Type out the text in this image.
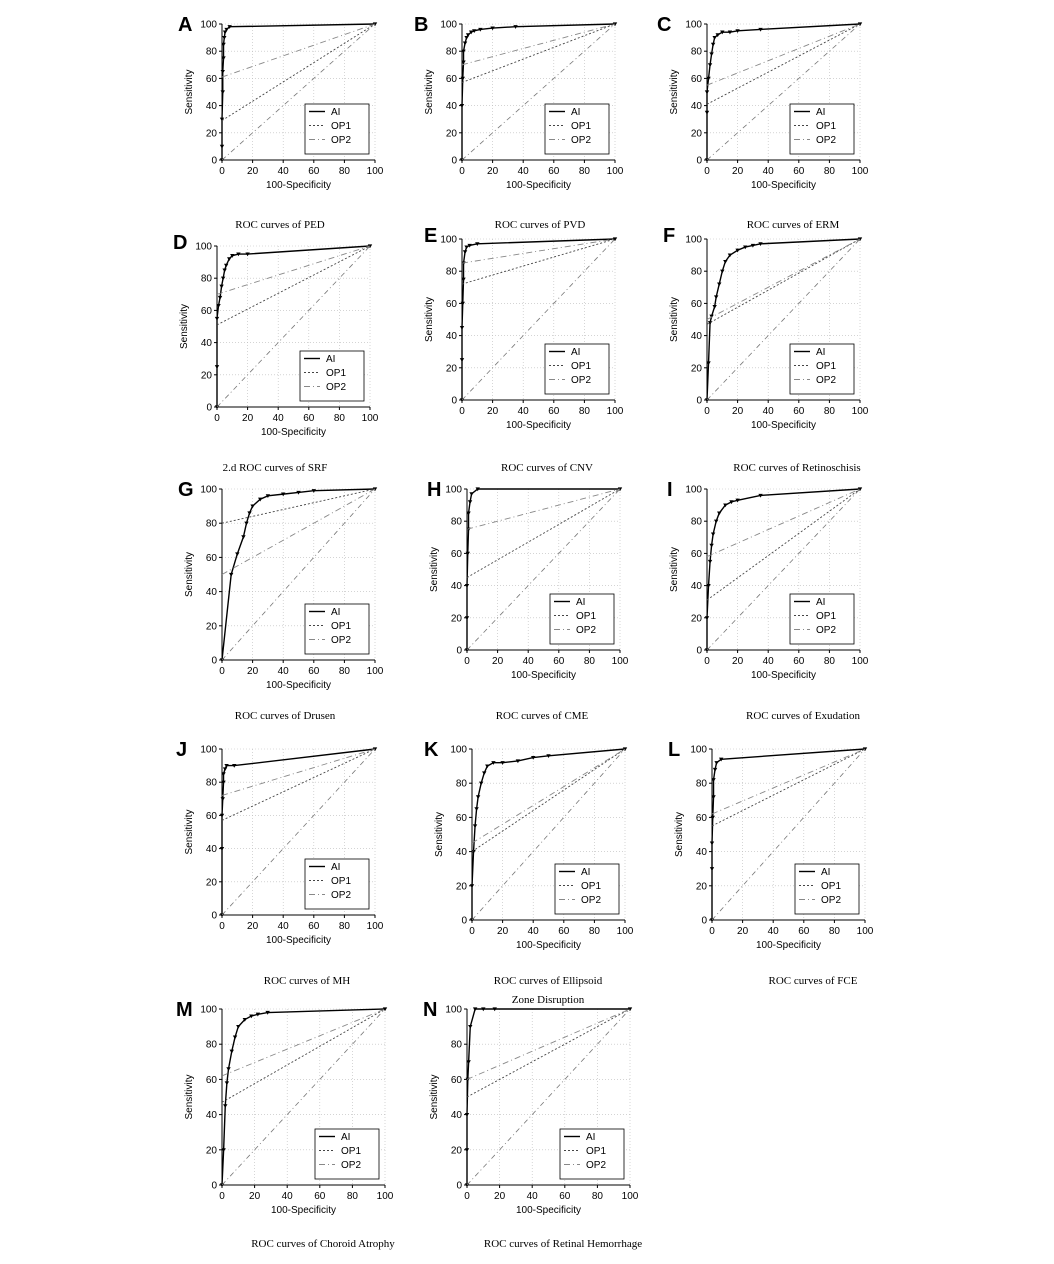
A
0 20 40 60 80 100
0
20
40
60
80
100
100-Specificity
Sensitivity	AI
OP1
OP2
ROC curves of PED
B
0 20 40 60 80 100
0
20
40
60
80
100
100-Specificity
Sensitivity	AI
OP1
OP2
ROC curves of PVD
C
0 20 40 60 80 100
0
20
40
60
80
100
100-Specificity
Sensitivity	AI
OP1
OP2
ROC curves of ERM
D
0 20 40 60 80 100
0
20
40
60
80
100
100-Specificity
Sensitivity
AI
OP1
OP2
2.d ROC curves of SRF
E
0 20 40 60 80 100
0
20
40
60
80
100
100-Specificity
Sensitivity
AI
OP1
OP2
ROC curves of CNV
F
0 20 40 60 80 100
0
20
40
60
80
100
100-Specificity
Sensitivity
AI
OP1
OP2
ROC curves of Retinoschisis
G
0 20 40 60 80 100
0
20
40
60
80
100
100-Specificity
Sensitivity
AI
OP1
OP2
ROC curves of Drusen
H
0 20 40 60 80 100
0
20
40
60
80
100
100-Specificity
Sensitivity
AI
OP1
OP2
ROC curves of CME
I
0 20 40 60 80 100
0
20
40
60
80
100
100-Specificity
Sensitivity
AI
OP1
OP2
ROC curves of Exudation
J
0 20 40 60 80 100
0
20
40
60
80
100
100-Specificity
Sensitivity
AI
OP1
OP2
ROC curves of MH
K
0 20 40 60 80 100
0
20
40
60
80
100
100-Specificity
Sensitivity
AI
OP1
OP2
ROC curves of Ellipsoid
Zone Disruption
L
0 20 40 60 80 100
0
20
40
60
80
100
100-Specificity
Sensitivity
AI
OP1
OP2
ROC curves of FCE
M
0 20 40 60 80 100
0
20
40
60
80
100
100-Specificity
Sensitivity
AI
OP1
OP2
ROC curves of Choroid Atrophy
N
0 20 40 60 80 100
0
20
40
60
80
100
100-Specificity
Sensitivity
AI
OP1
OP2
ROC curves of Retinal Hemorrhage
